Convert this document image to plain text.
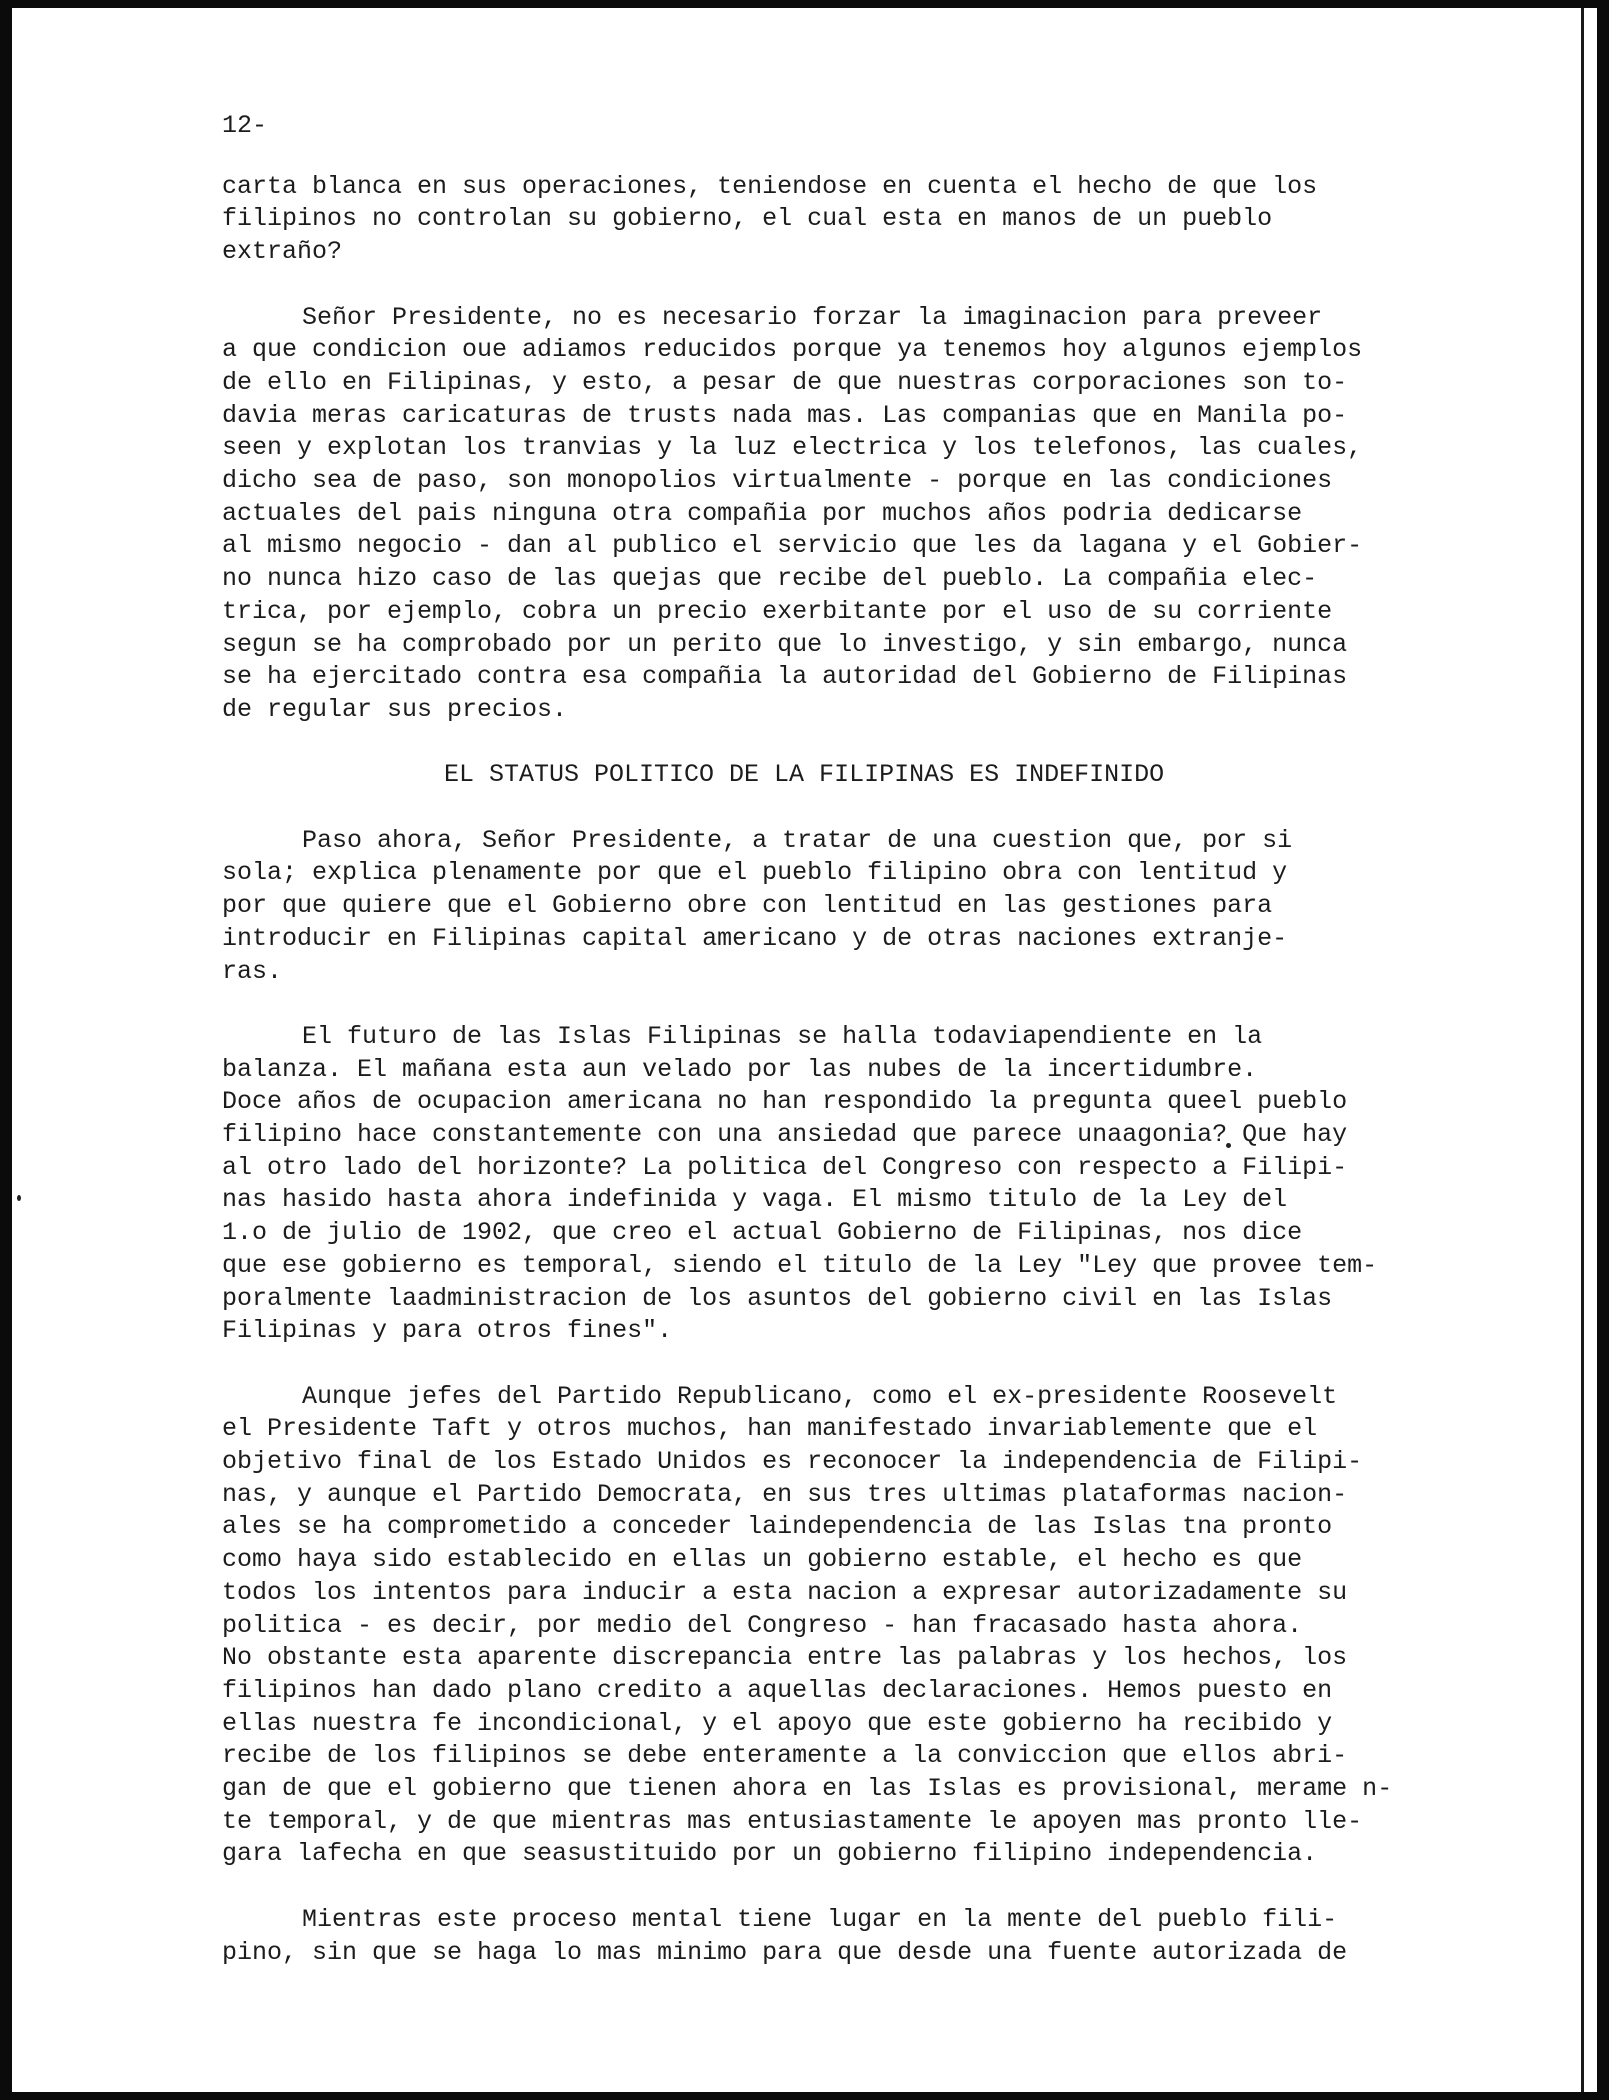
12-

carta blanca en sus operaciones, teniendose en cuenta el hecho de que los
filipinos no controlan su gobierno, el cual esta en manos de un pueblo
extraño?

Señor Presidente, no es necesario forzar la imaginacion para preveer
a que condicion oue adiamos reducidos porque ya tenemos hoy algunos ejemplos
de ello en Filipinas, y esto, a pesar de que nuestras corporaciones son to-
davia meras caricaturas de trusts nada mas. Las companias que en Manila po-
seen y explotan los tranvias y la luz electrica y los telefonos, las cuales,
dicho sea de paso, son monopolios virtualmente - porque en las condiciones
actuales del pais ninguna otra compañia por muchos años podria dedicarse
al mismo negocio - dan al publico el servicio que les da lagana y el Gobier-
no nunca hizo caso de las quejas que recibe del pueblo. La compañia elec-
trica, por ejemplo, cobra un precio exerbitante por el uso de su corriente
segun se ha comprobado por un perito que lo investigo, y sin embargo, nunca
se ha ejercitado contra esa compañia la autoridad del Gobierno de Filipinas
de regular sus precios.

EL STATUS POLITICO DE LA FILIPINAS ES INDEFINIDO

Paso ahora, Señor Presidente, a tratar de una cuestion que, por si
sola; explica plenamente por que el pueblo filipino obra con lentitud y
por que quiere que el Gobierno obre con lentitud en las gestiones para
introducir en Filipinas capital americano y de otras naciones extranje-
ras.

El futuro de las Islas Filipinas se halla todaviapendiente en la
balanza. El mañana esta aun velado por las nubes de la incertidumbre.
Doce años de ocupacion americana no han respondido la pregunta queel pueblo
filipino hace constantemente con una ansiedad que parece unaagonia? Que hay
al otro lado del horizonte? La politica del Congreso con respecto a Filipi-
nas hasido hasta ahora indefinida y vaga. El mismo titulo de la Ley del
1.o de julio de 1902, que creo el actual Gobierno de Filipinas, nos dice
que ese gobierno es temporal, siendo el titulo de la Ley "Ley que provee tem-
poralmente laadministracion de los asuntos del gobierno civil en las Islas
Filipinas y para otros fines".

Aunque jefes del Partido Republicano, como el ex-presidente Roosevelt
el Presidente Taft y otros muchos, han manifestado invariablemente que el
objetivo final de los Estado Unidos es reconocer la independencia de Filipi-
nas, y aunque el Partido Democrata, en sus tres ultimas plataformas nacion-
ales se ha comprometido a conceder laindependencia de las Islas tna pronto
como haya sido establecido en ellas un gobierno estable, el hecho es que
todos los intentos para inducir a esta nacion a expresar autorizadamente su
politica - es decir, por medio del Congreso - han fracasado hasta ahora.
No obstante esta aparente discrepancia entre las palabras y los hechos, los
filipinos han dado plano credito a aquellas declaraciones. Hemos puesto en
ellas nuestra fe incondicional, y el apoyo que este gobierno ha recibido y
recibe de los filipinos se debe enteramente a la conviccion que ellos abri-
gan de que el gobierno que tienen ahora en las Islas es provisional, merame n-
te temporal, y de que mientras mas entusiastamente le apoyen mas pronto lle-
gara lafecha en que seasustituido por un gobierno filipino independencia.

Mientras este proceso mental tiene lugar en la mente del pueblo fili-
pino, sin que se haga lo mas minimo para que desde una fuente autorizada de
